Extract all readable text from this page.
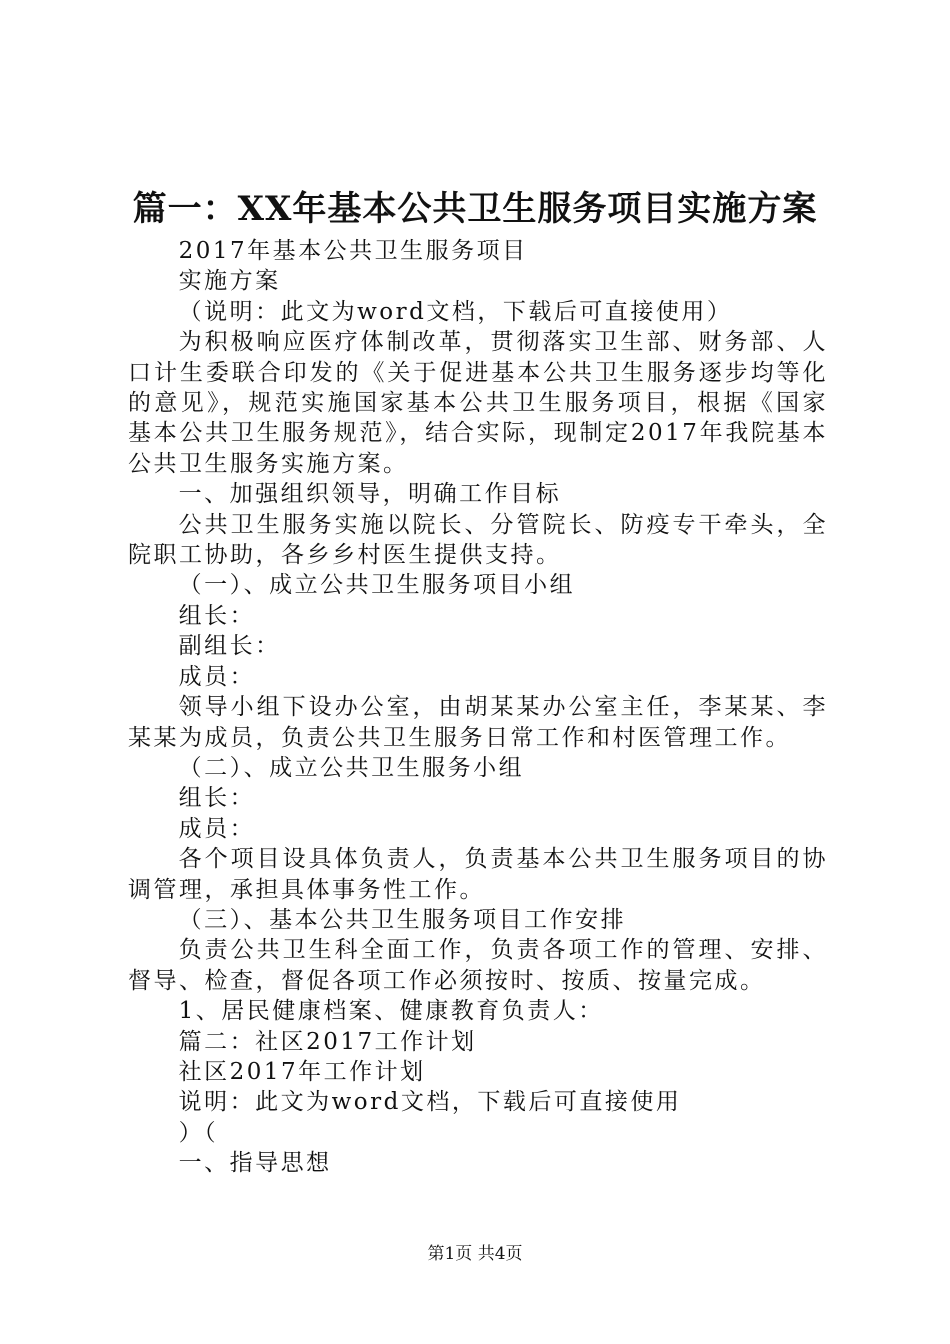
篇一：XX年基本公共卫生服务项目实施方案

2017年基本公共卫生服务项目

实施方案

（说明：此文为word文档，下载后可直接使用）

为积极响应医疗体制改革，贯彻落实卫生部、财务部、人口计生委联合印发的《关于促进基本公共卫生服务逐步均等化的意见》，规范实施国家基本公共卫生服务项目，根据《国家基本公共卫生服务规范》，结合实际，现制定2017年我院基本公共卫生服务实施方案。

一、加强组织领导，明确工作目标

公共卫生服务实施以院长、分管院长、防疫专干牵头，全院职工协助，各乡乡村医生提供支持。

（一）、成立公共卫生服务项目小组

组长：

副组长：

成员：

领导小组下设办公室，由胡某某办公室主任，李某某、李某某为成员，负责公共卫生服务日常工作和村医管理工作。

（二）、成立公共卫生服务小组

组长：

成员：

各个项目设具体负责人，负责基本公共卫生服务项目的协调管理，承担具体事务性工作。

（三）、基本公共卫生服务项目工作安排

负责公共卫生科全面工作，负责各项工作的管理、安排、督导、检查，督促各项工作必须按时、按质、按量完成。

1、居民健康档案、健康教育负责人：

篇二：社区2017工作计划

社区2017年工作计划

说明：此文为word文档，下载后可直接使用

）（

一、指导思想

第1页 共4页
